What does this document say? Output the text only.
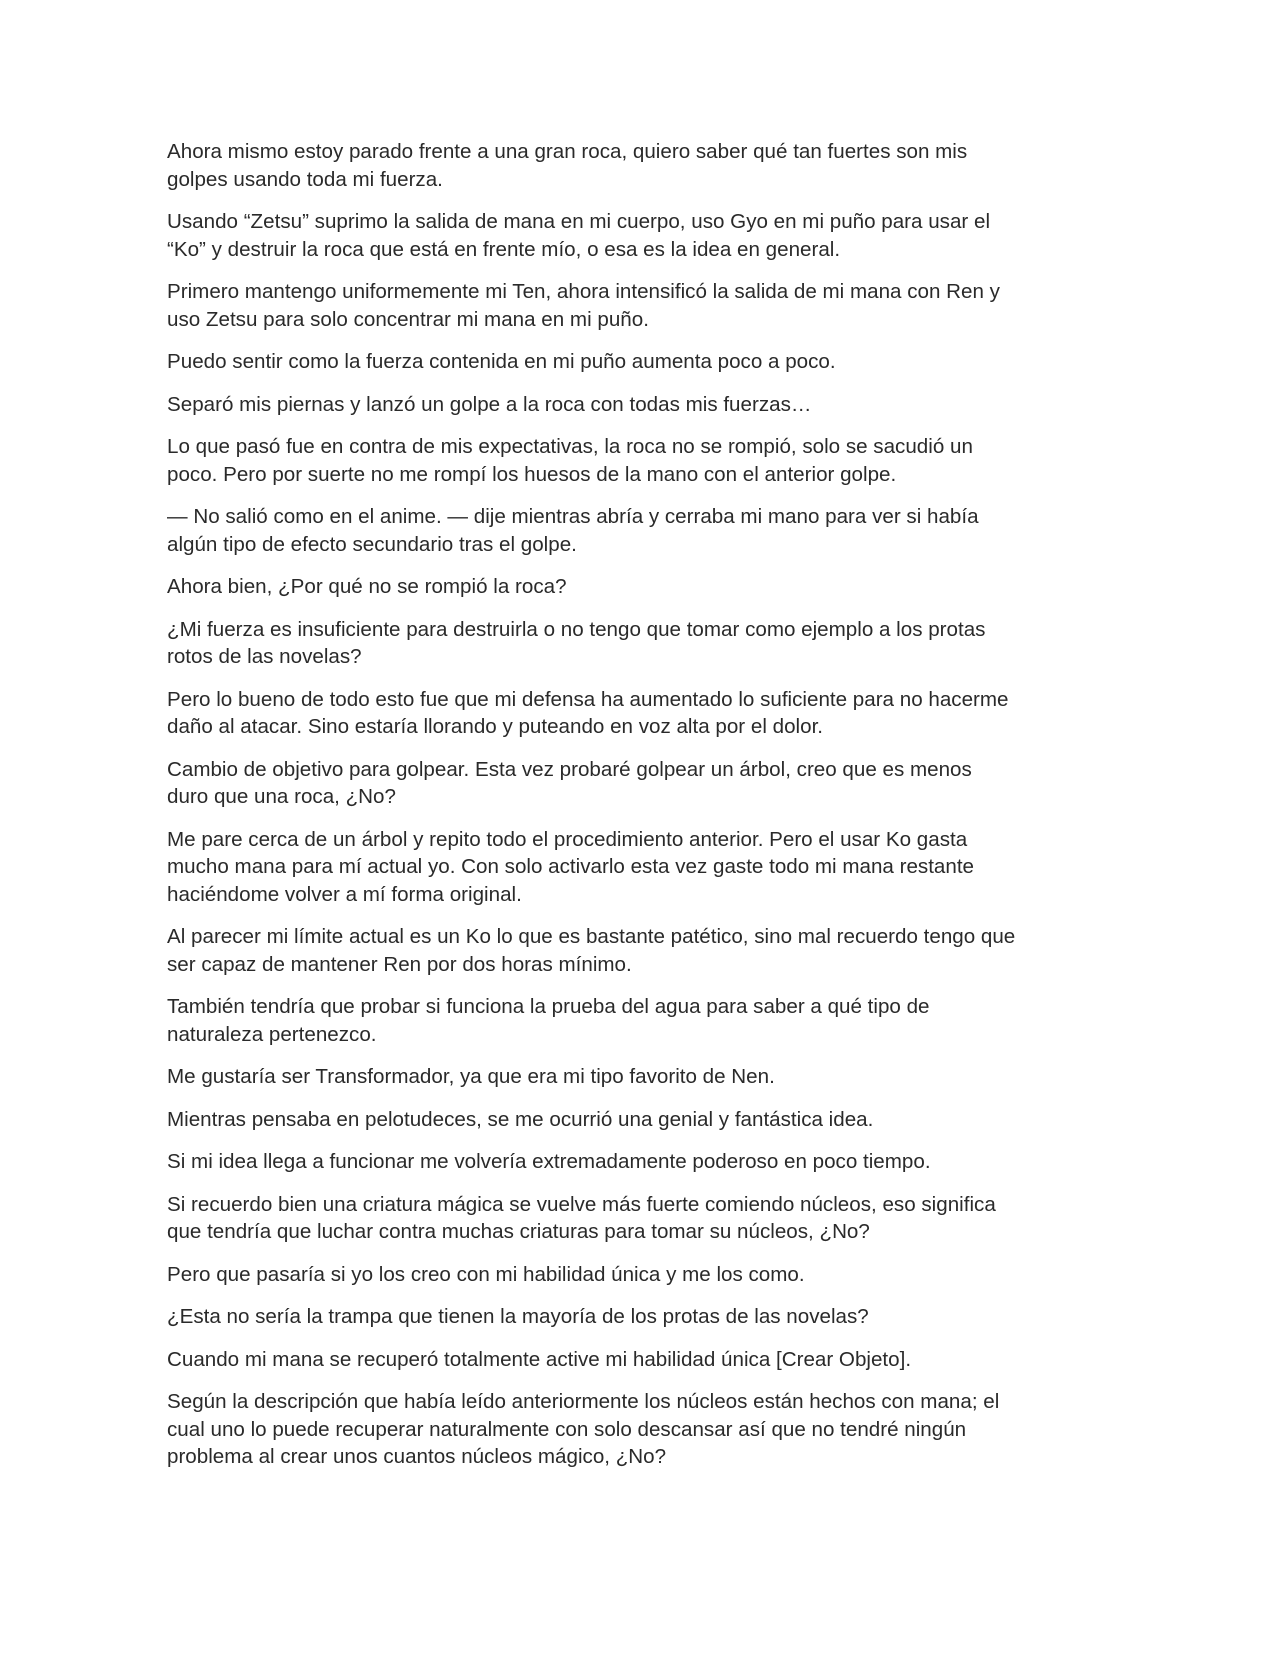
Ahora mismo estoy parado frente a una gran roca, quiero saber qué tan fuertes son mis golpes usando toda mi fuerza.

Usando “Zetsu” suprimo la salida de mana en mi cuerpo, uso Gyo en mi puño para usar el “Ko” y destruir la roca que está en frente mío, o esa es la idea en general.

Primero mantengo uniformemente mi Ten, ahora intensificó la salida de mi mana con Ren y uso Zetsu para solo concentrar mi mana en mi puño.

Puedo sentir como la fuerza contenida en mi puño aumenta poco a poco.

Separó mis piernas y lanzó un golpe a la roca con todas mis fuerzas…

Lo que pasó fue en contra de mis expectativas, la roca no se rompió, solo se sacudió un poco. Pero por suerte no me rompí los huesos de la mano con el anterior golpe.

— No salió como en el anime. — dije mientras abría y cerraba mi mano para ver si había algún tipo de efecto secundario tras el golpe.

Ahora bien, ¿Por qué no se rompió la roca?

¿Mi fuerza es insuficiente para destruirla o no tengo que tomar como ejemplo a los protas rotos de las novelas?

Pero lo bueno de todo esto fue que mi defensa ha aumentado lo suficiente para no hacerme daño al atacar. Sino estaría llorando y puteando en voz alta por el dolor.

Cambio de objetivo para golpear. Esta vez probaré golpear un árbol, creo que es menos duro que una roca, ¿No?

Me pare cerca de un árbol y repito todo el procedimiento anterior. Pero el usar Ko gasta mucho mana para mí actual yo. Con solo activarlo esta vez gaste todo mi mana restante haciéndome volver a mí forma original.

Al parecer mi límite actual es un Ko lo que es bastante patético, sino mal recuerdo tengo que ser capaz de mantener Ren por dos horas mínimo.

También tendría que probar si funciona la prueba del agua para saber a qué tipo de naturaleza pertenezco.

Me gustaría ser Transformador, ya que era mi tipo favorito de Nen.

Mientras pensaba en pelotudeces, se me ocurrió una genial y fantástica idea.

Si mi idea llega a funcionar me volvería extremadamente poderoso en poco tiempo.

Si recuerdo bien una criatura mágica se vuelve más fuerte comiendo núcleos, eso significa que tendría que luchar contra muchas criaturas para tomar su núcleos, ¿No?

Pero que pasaría si yo los creo con mi habilidad única y me los como.

¿Esta no sería la trampa que tienen la mayoría de los protas de las novelas?

Cuando mi mana se recuperó totalmente active mi habilidad única [Crear Objeto].

Según la descripción que había leído anteriormente los núcleos están hechos con mana; el cual uno lo puede recuperar naturalmente con solo descansar así que no tendré ningún problema al crear unos cuantos núcleos mágico, ¿No?
